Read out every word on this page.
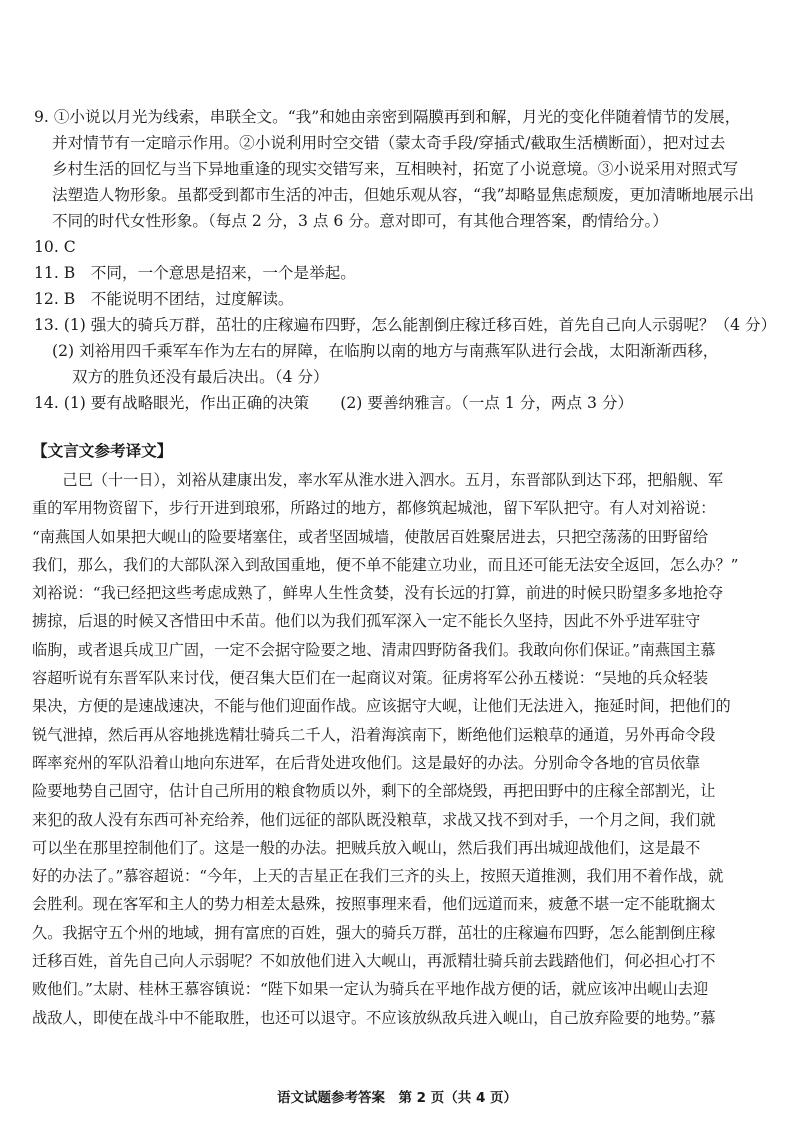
9. ①小说以月光为线索，串联全文。“我”和她由亲密到隔膜再到和解，月光的变化伴随着情节的发展，

并对情节有一定暗示作用。②小说利用时空交错（蒙太奇手段/穿插式/截取生活横断面），把对过去

乡村生活的回忆与当下异地重逢的现实交错写来，互相映衬，拓宽了小说意境。③小说采用对照式写

法塑造人物形象。虽都受到都市生活的冲击，但她乐观从容，“我”却略显焦虑颓废，更加清晰地展示出

不同的时代女性形象。（每点 2 分，3 点 6 分。意对即可，有其他合理答案，酌情给分。）

10. C

11. B　不同，一个意思是招来，一个是举起。

12. B　不能说明不团结，过度解读。

13. (1) 强大的骑兵万群，茁壮的庄稼遍布四野，怎么能割倒庄稼迁移百姓，首先自己向人示弱呢？（4 分）

(2) 刘裕用四千乘军车作为左右的屏障，在临朐以南的地方与南燕军队进行会战，太阳渐渐西移，

双方的胜负还没有最后决出。（4 分）

14. (1) 要有战略眼光，作出正确的决策　　(2) 要善纳雅言。（一点 1 分，两点 3 分）

【文言文参考译文】

　　己巳（十一日），刘裕从建康出发，率水军从淮水进入泗水。五月，东晋部队到达下邳，把船舰、军

重的军用物资留下，步行开进到琅邪，所路过的地方，都修筑起城池，留下军队把守。有人对刘裕说：

“南燕国人如果把大岘山的险要堵塞住，或者坚固城墙，使散居百姓聚居进去，只把空荡荡的田野留给

我们，那么，我们的大部队深入到敌国重地，便不单不能建立功业，而且还可能无法安全返回，怎么办？”

刘裕说：“我已经把这些考虑成熟了，鲜卑人生性贪婪，没有长远的打算，前进的时候只盼望多多地抢夺

掳掠，后退的时候又吝惜田中禾苗。他们以为我们孤军深入一定不能长久坚持，因此不外乎进军驻守

临朐，或者退兵成卫广固，一定不会据守险要之地、清肃四野防备我们。我敢向你们保证。”南燕国主慕

容超听说有东晋军队来讨伐，便召集大臣们在一起商议对策。征虏将军公孙五楼说：“吴地的兵众轻装

果决，方便的是速战速决，不能与他们迎面作战。应该据守大岘，让他们无法进入，拖延时间，把他们的

锐气泄掉，然后再从容地挑选精壮骑兵二千人，沿着海滨南下，断绝他们运粮草的通道，另外再命令段

晖率兖州的军队沿着山地向东进军，在后背处进攻他们。这是最好的办法。分别命令各地的官员依靠

险要地势自己固守，估计自己所用的粮食物质以外，剩下的全部烧毁，再把田野中的庄稼全部割光，让

来犯的敌人没有东西可补充给养，他们远征的部队既没粮草，求战又找不到对手，一个月之间，我们就

可以坐在那里控制他们了。这是一般的办法。把贼兵放入岘山，然后我们再出城迎战他们，这是最不

好的办法了。”慕容超说：“今年，上天的吉星正在我们三齐的头上，按照天道推测，我们用不着作战，就

会胜利。现在客军和主人的势力相差太悬殊，按照事理来看，他们远道而来，疲惫不堪一定不能耽搁太

久。我据守五个州的地域，拥有富庶的百姓，强大的骑兵万群，茁壮的庄稼遍布四野，怎么能割倒庄稼

迁移百姓，首先自己向人示弱呢？不如放他们进入大岘山，再派精壮骑兵前去践踏他们，何必担心打不

败他们。”太尉、桂林王慕容镇说：“陛下如果一定认为骑兵在平地作战方便的话，就应该冲出岘山去迎

战敌人，即使在战斗中不能取胜，也还可以退守。不应该放纵敌兵进入岘山，自己放弃险要的地势。”慕

语文试题参考答案　第 2 页（共 4 页）
